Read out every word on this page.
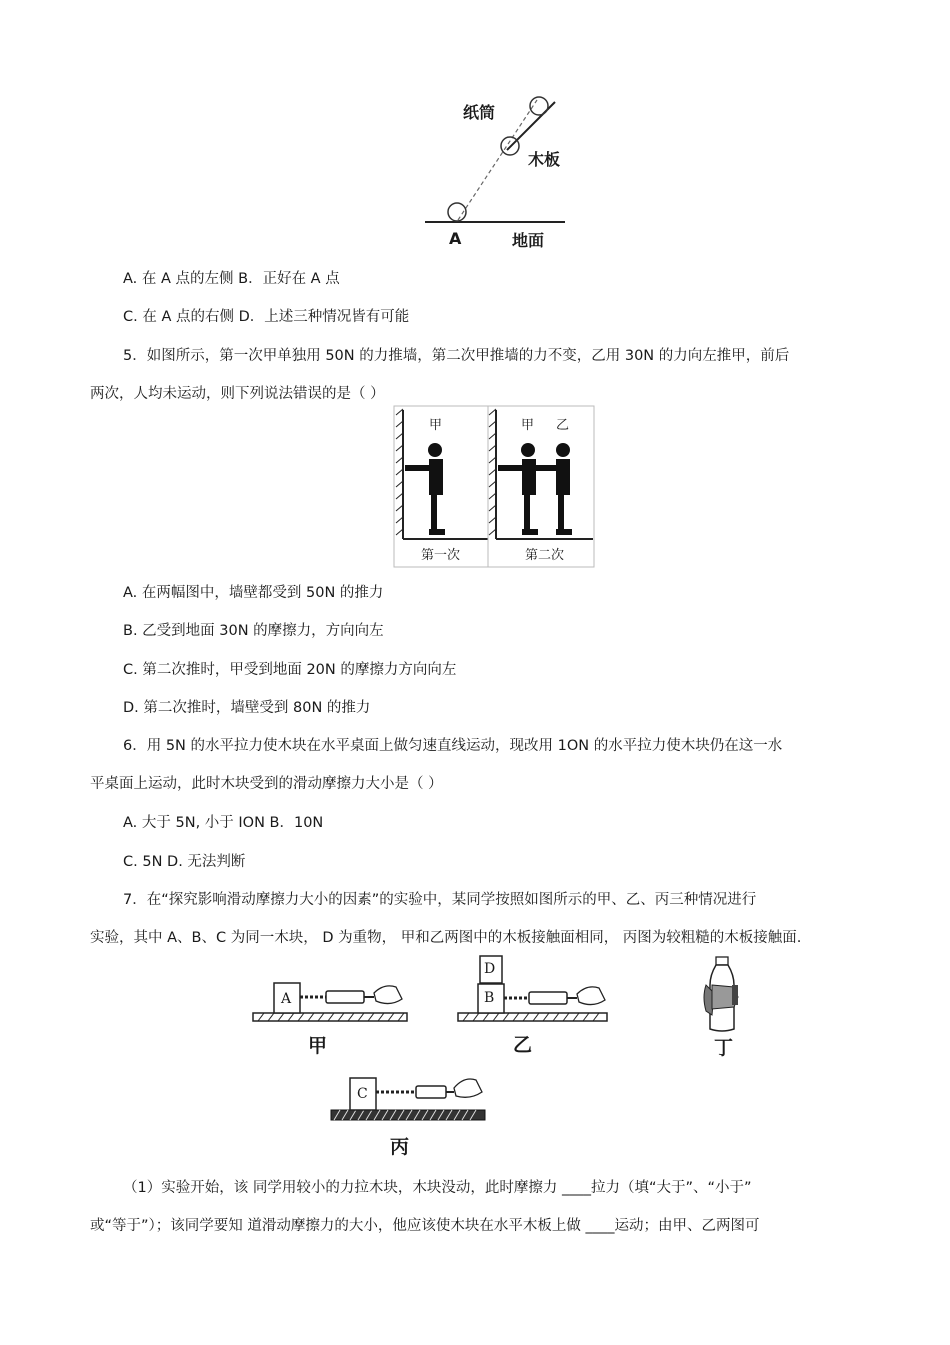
纸筒
木板
A	地面
A. 在 A 点的左侧 B．正好在 A 点
C. 在 A 点的右侧 D．上述三种情况皆有可能
5．如图所示，第一次甲单独用 50N 的力推墙，第二次甲推墙的力不变，乙用 30N 的力向左推甲，前后
两次，人均未运动，则下列说法错误的是（ ）
甲	甲 乙
第一次	第二次
A. 在两幅图中，墙壁都受到 50N 的推力
B. 乙受到地面 30N 的摩擦力，方向向左
C. 第二次推时，甲受到地面 20N 的摩擦力方向向左
D. 第二次推时，墙壁受到 80N 的推力
6．用 5N 的水平拉力使木块在水平桌面上做匀速直线运动，现改用 1ON 的水平拉力使木块仍在这一水
平桌面上运动，此时木块受到的滑动摩擦力大小是（ ）
A. 大于 5N, 小于 ION B．10N
C. 5N D. 无法判断
7．在“探究影响滑动摩擦力大小的因素”的实验中，某同学按照如图所示的甲、乙、丙三种情况进行
实验，其中 A、B、C 为同一木块， D 为重物， 甲和乙两图中的木板接触面相同， 丙图为较粗糙的木板接触面.
A
甲
D
B
乙
C
丙
丁
（1）实验开始，该 同学用较小的力拉木块，木块没动，此时摩擦力 ____拉力（填“大于”、“小于”
或“等于”）；该同学要知 道滑动摩擦力的大小，他应该使木块在水平木板上做 ____运动；由甲、乙两图可
